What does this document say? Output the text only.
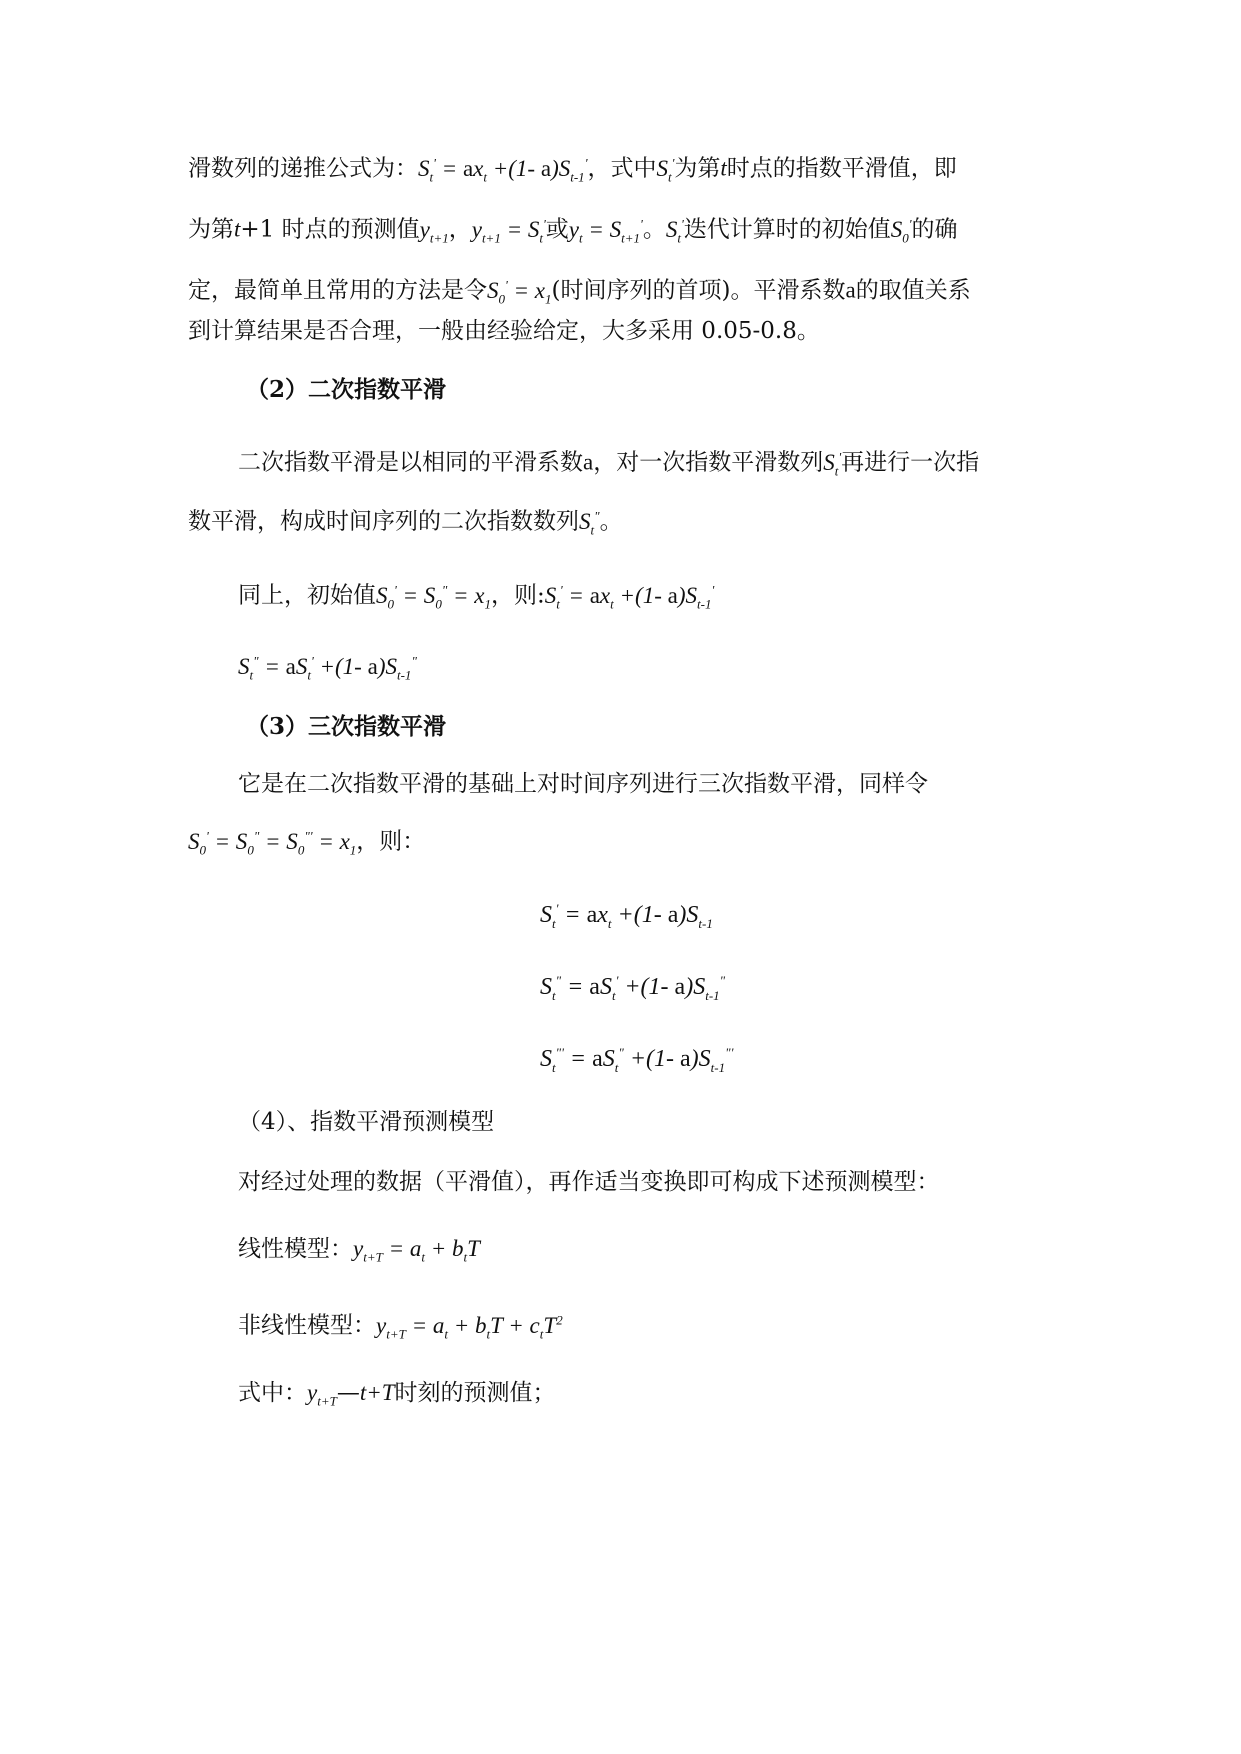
滑数列的递推公式为：$S_t' = ax_t +(1-$ $a)S_{t-1}'$，式中$S_t'$为第t时点的指数平滑值，即
为第t+1 时点的预测值$y_{t+1}$，$y_{t+1} = S_t'$或$y_t = S_{t+1}'$。$S_t'$迭代计算时的初始值$S_0'$的确
定，最简单且常用的方法是令$S_0' = x_1$(时间序列的首项)。平滑系数a的取值关系
到计算结果是否合理，一般由经验给定，大多采用 0.05-0.8。
（2）二次指数平滑
二次指数平滑是以相同的平滑系数a，对一次指数平滑数列$S_t'$再进行一次指
数平滑，构成时间序列的二次指数数列$S_t^"$。
同上，初始值$S_0' = S_0^" = x_1$，则$:S_t' = ax_t +(1-$ $a)S_{t-1}'$
$S_t^" = aS_t' +(1-$ $a)S_{t-1}^"$
（3）三次指数平滑
它是在二次指数平滑的基础上对时间序列进行三次指数平滑，同样令
$S_0' = S_0^" = S_0^{"'} = x_1$，则：
$S_t' = ax_t +(1-$ $a)S_{t-1}$
$S_t^" = aS_t' +(1-$ $a)S_{t-1}^"$
$S_t^{"'} = aS_t^" +(1-$ $a)S_{t-1}^{"'}$
（4）、指数平滑预测模型
对经过处理的数据（平滑值），再作适当变换即可构成下述预测模型：
线性模型：$y_{t+T} = a_t + b_tT$
非线性模型：$y_{t+T} = a_t + b_tT + c_tT^2$
式中：$y_{t+T}—t+T$时刻的预测值；
